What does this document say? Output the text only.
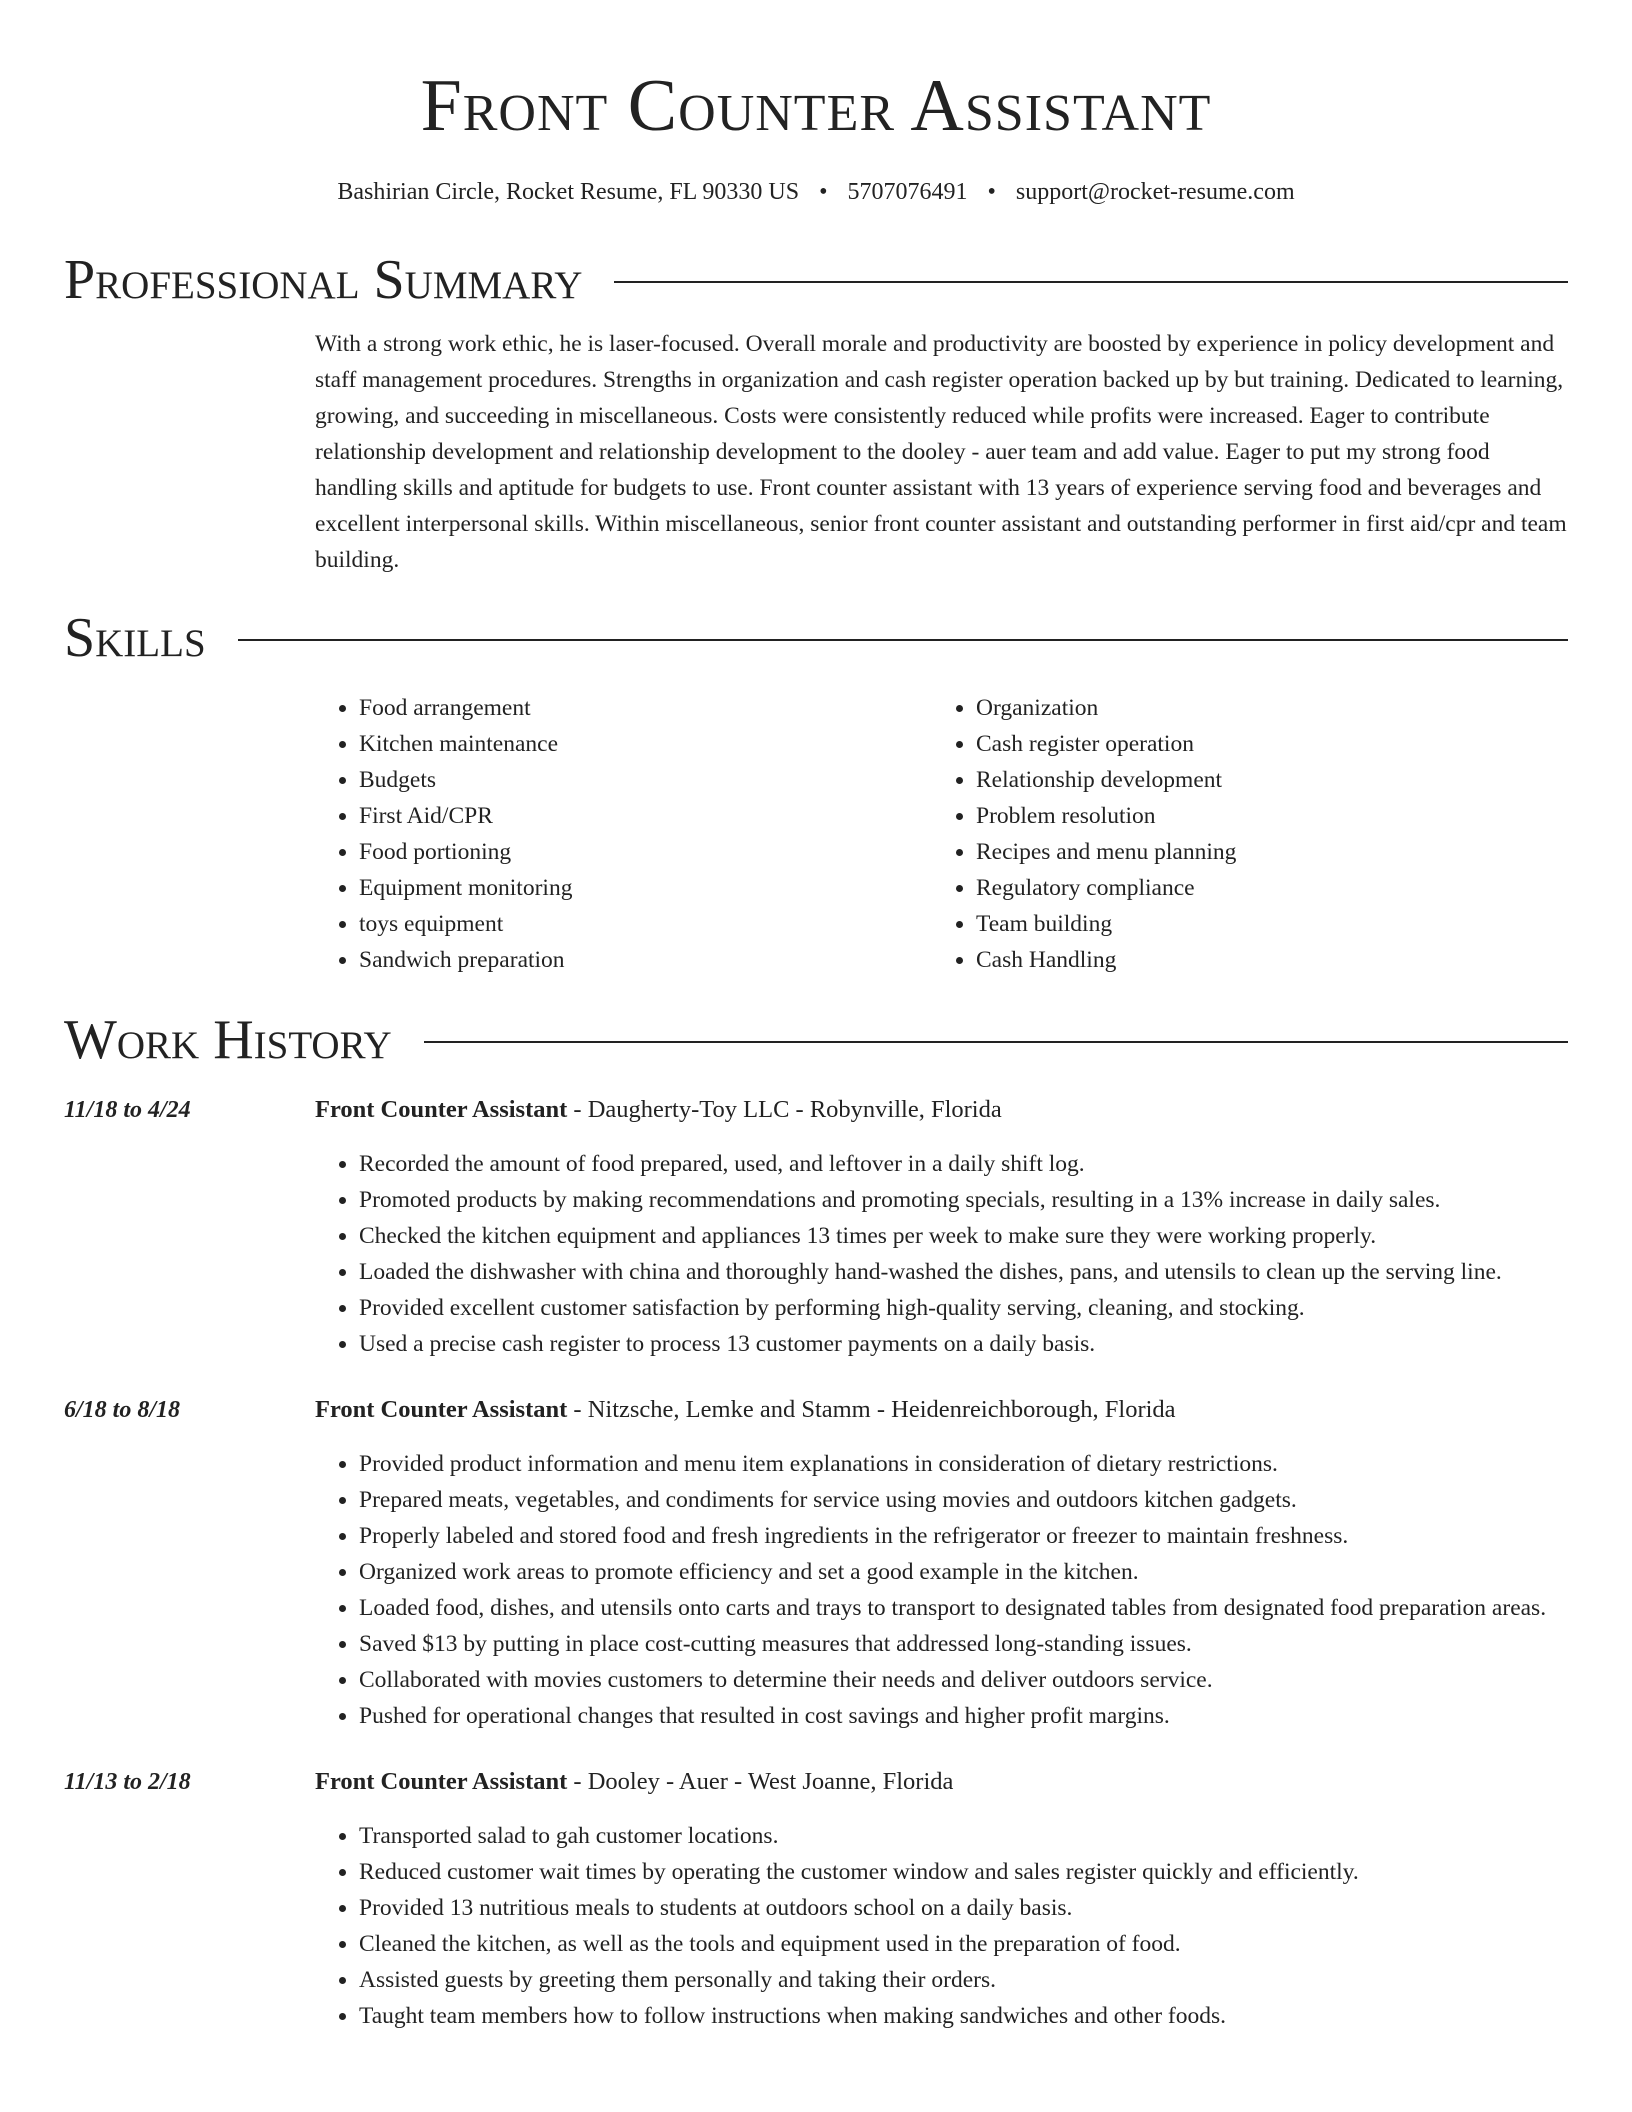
Front Counter Assistant
Bashirian Circle, Rocket Resume, FL 90330 US • 5707076491 • support@rocket-resume.com
Professional Summary
With a strong work ethic, he is laser-focused. Overall morale and productivity are boosted by experience in policy development and staff management procedures. Strengths in organization and cash register operation backed up by but training. Dedicated to learning, growing, and succeeding in miscellaneous. Costs were consistently reduced while profits were increased. Eager to contribute relationship development and relationship development to the dooley - auer team and add value. Eager to put my strong food handling skills and aptitude for budgets to use. Front counter assistant with 13 years of experience serving food and beverages and excellent interpersonal skills. Within miscellaneous, senior front counter assistant and outstanding performer in first aid/cpr and team building.
Skills
• Food arrangement
• Kitchen maintenance
• Budgets
• First Aid/CPR
• Food portioning
• Equipment monitoring
• toys equipment
• Sandwich preparation
• Organization
• Cash register operation
• Relationship development
• Problem resolution
• Recipes and menu planning
• Regulatory compliance
• Team building
• Cash Handling
Work History
11/18 to 4/24	Front Counter Assistant - Daugherty-Toy LLC - Robynville, Florida
• Recorded the amount of food prepared, used, and leftover in a daily shift log.
• Promoted products by making recommendations and promoting specials, resulting in a 13% increase in daily sales.
• Checked the kitchen equipment and appliances 13 times per week to make sure they were working properly.
• Loaded the dishwasher with china and thoroughly hand-washed the dishes, pans, and utensils to clean up the serving line.
• Provided excellent customer satisfaction by performing high-quality serving, cleaning, and stocking.
• Used a precise cash register to process 13 customer payments on a daily basis.
6/18 to 8/18	Front Counter Assistant - Nitzsche, Lemke and Stamm - Heidenreichborough, Florida
• Provided product information and menu item explanations in consideration of dietary restrictions.
• Prepared meats, vegetables, and condiments for service using movies and outdoors kitchen gadgets.
• Properly labeled and stored food and fresh ingredients in the refrigerator or freezer to maintain freshness.
• Organized work areas to promote efficiency and set a good example in the kitchen.
• Loaded food, dishes, and utensils onto carts and trays to transport to designated tables from designated food preparation areas.
• Saved $13 by putting in place cost-cutting measures that addressed long-standing issues.
• Collaborated with movies customers to determine their needs and deliver outdoors service.
• Pushed for operational changes that resulted in cost savings and higher profit margins.
11/13 to 2/18	Front Counter Assistant - Dooley - Auer - West Joanne, Florida
• Transported salad to gah customer locations.
• Reduced customer wait times by operating the customer window and sales register quickly and efficiently.
• Provided 13 nutritious meals to students at outdoors school on a daily basis.
• Cleaned the kitchen, as well as the tools and equipment used in the preparation of food.
• Assisted guests by greeting them personally and taking their orders.
• Taught team members how to follow instructions when making sandwiches and other foods.
